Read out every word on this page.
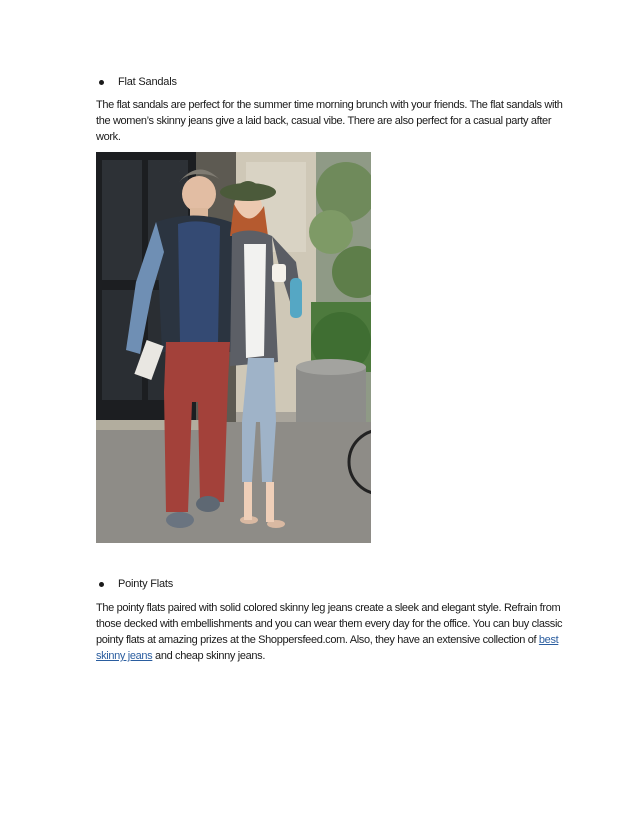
Flat Sandals
The flat sandals are perfect for the summer time morning brunch with your friends. The flat sandals with the women’s skinny jeans give a laid back, casual vibe. There are also perfect for a casual party after work.
Pointy Flats
The pointy flats paired with solid colored skinny leg jeans create a sleek and elegant style. Refrain from those decked with embellishments and you can wear them every day for the office. You can buy classic pointy flats at amazing prizes at the Shoppersfeed.com. Also, they have an extensive collection of best skinny jeans and cheap skinny jeans.
